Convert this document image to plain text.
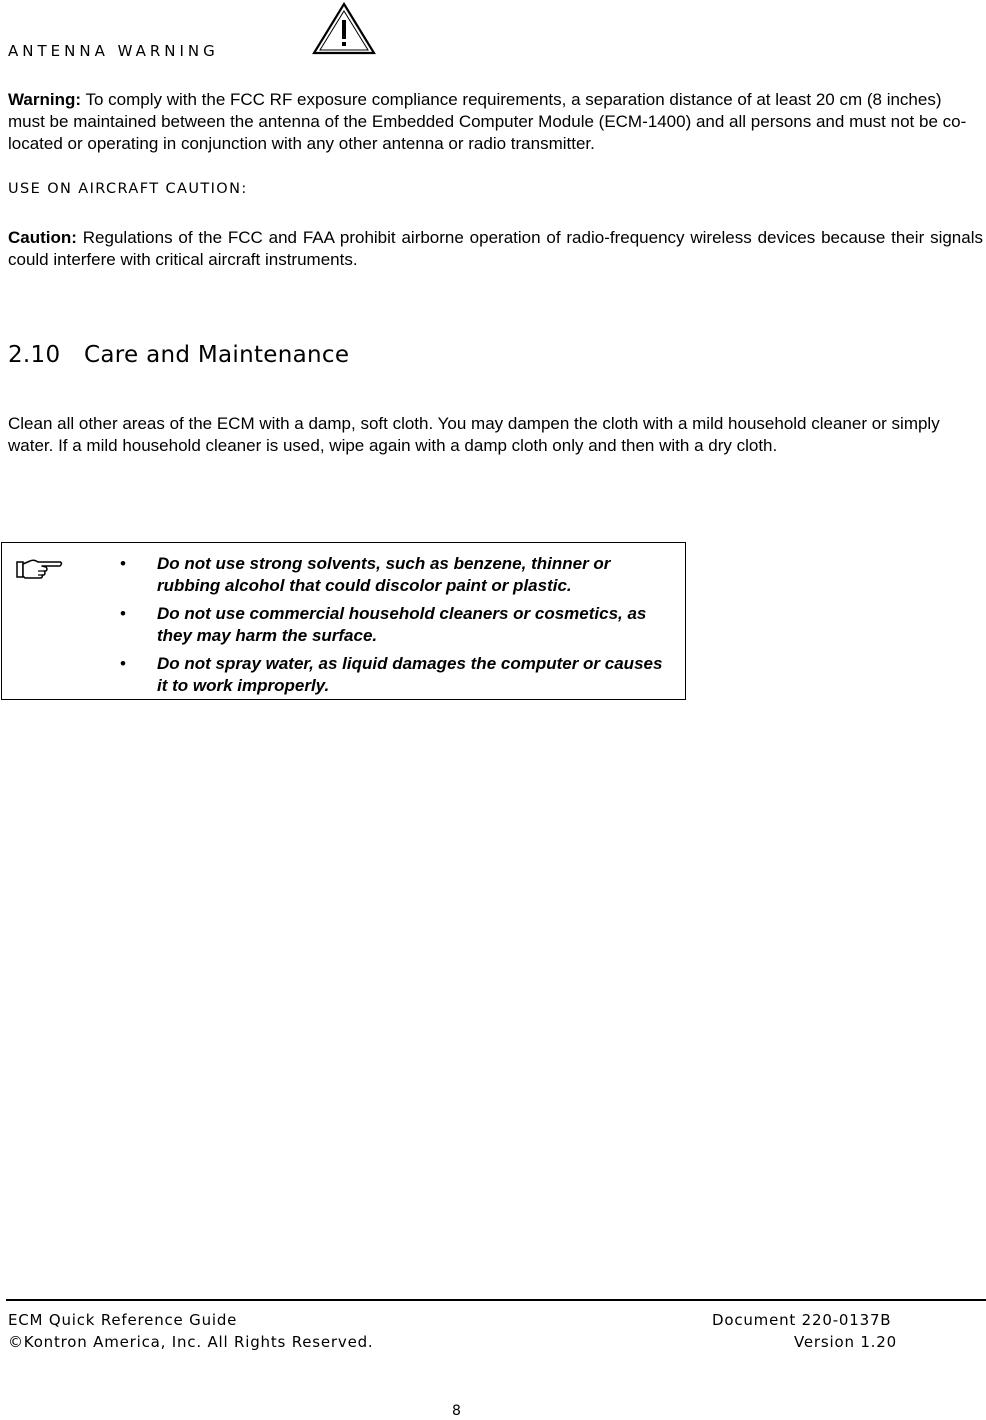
ANTENNA WARNING
Warning: To comply with the FCC RF exposure compliance requirements, a separation distance of at least 20 cm (8 inches) must be maintained between the antenna of the Embedded Computer Module (ECM-1400) and all persons and must not be co-located or operating in conjunction with any other antenna or radio transmitter.
USE ON AIRCRAFT CAUTION:
Caution: Regulations of the FCC and FAA prohibit airborne operation of radio-frequency wireless devices because their signals could interfere with critical aircraft instruments.
2.10 Care and Maintenance
Clean all other areas of the ECM with a damp, soft cloth. You may dampen the cloth with a mild household cleaner or simply water. If a mild household cleaner is used, wipe again with a damp cloth only and then with a dry cloth.
• Do not use strong solvents, such as benzene, thinner or rubbing alcohol that could discolor paint or plastic.
• Do not use commercial household cleaners or cosmetics, as they may harm the surface.
• Do not spray water, as liquid damages the computer or causes it to work improperly.
ECM Quick Reference Guide	Document 220-0137B
©Kontron America, Inc. All Rights Reserved.	Version 1.20
8
